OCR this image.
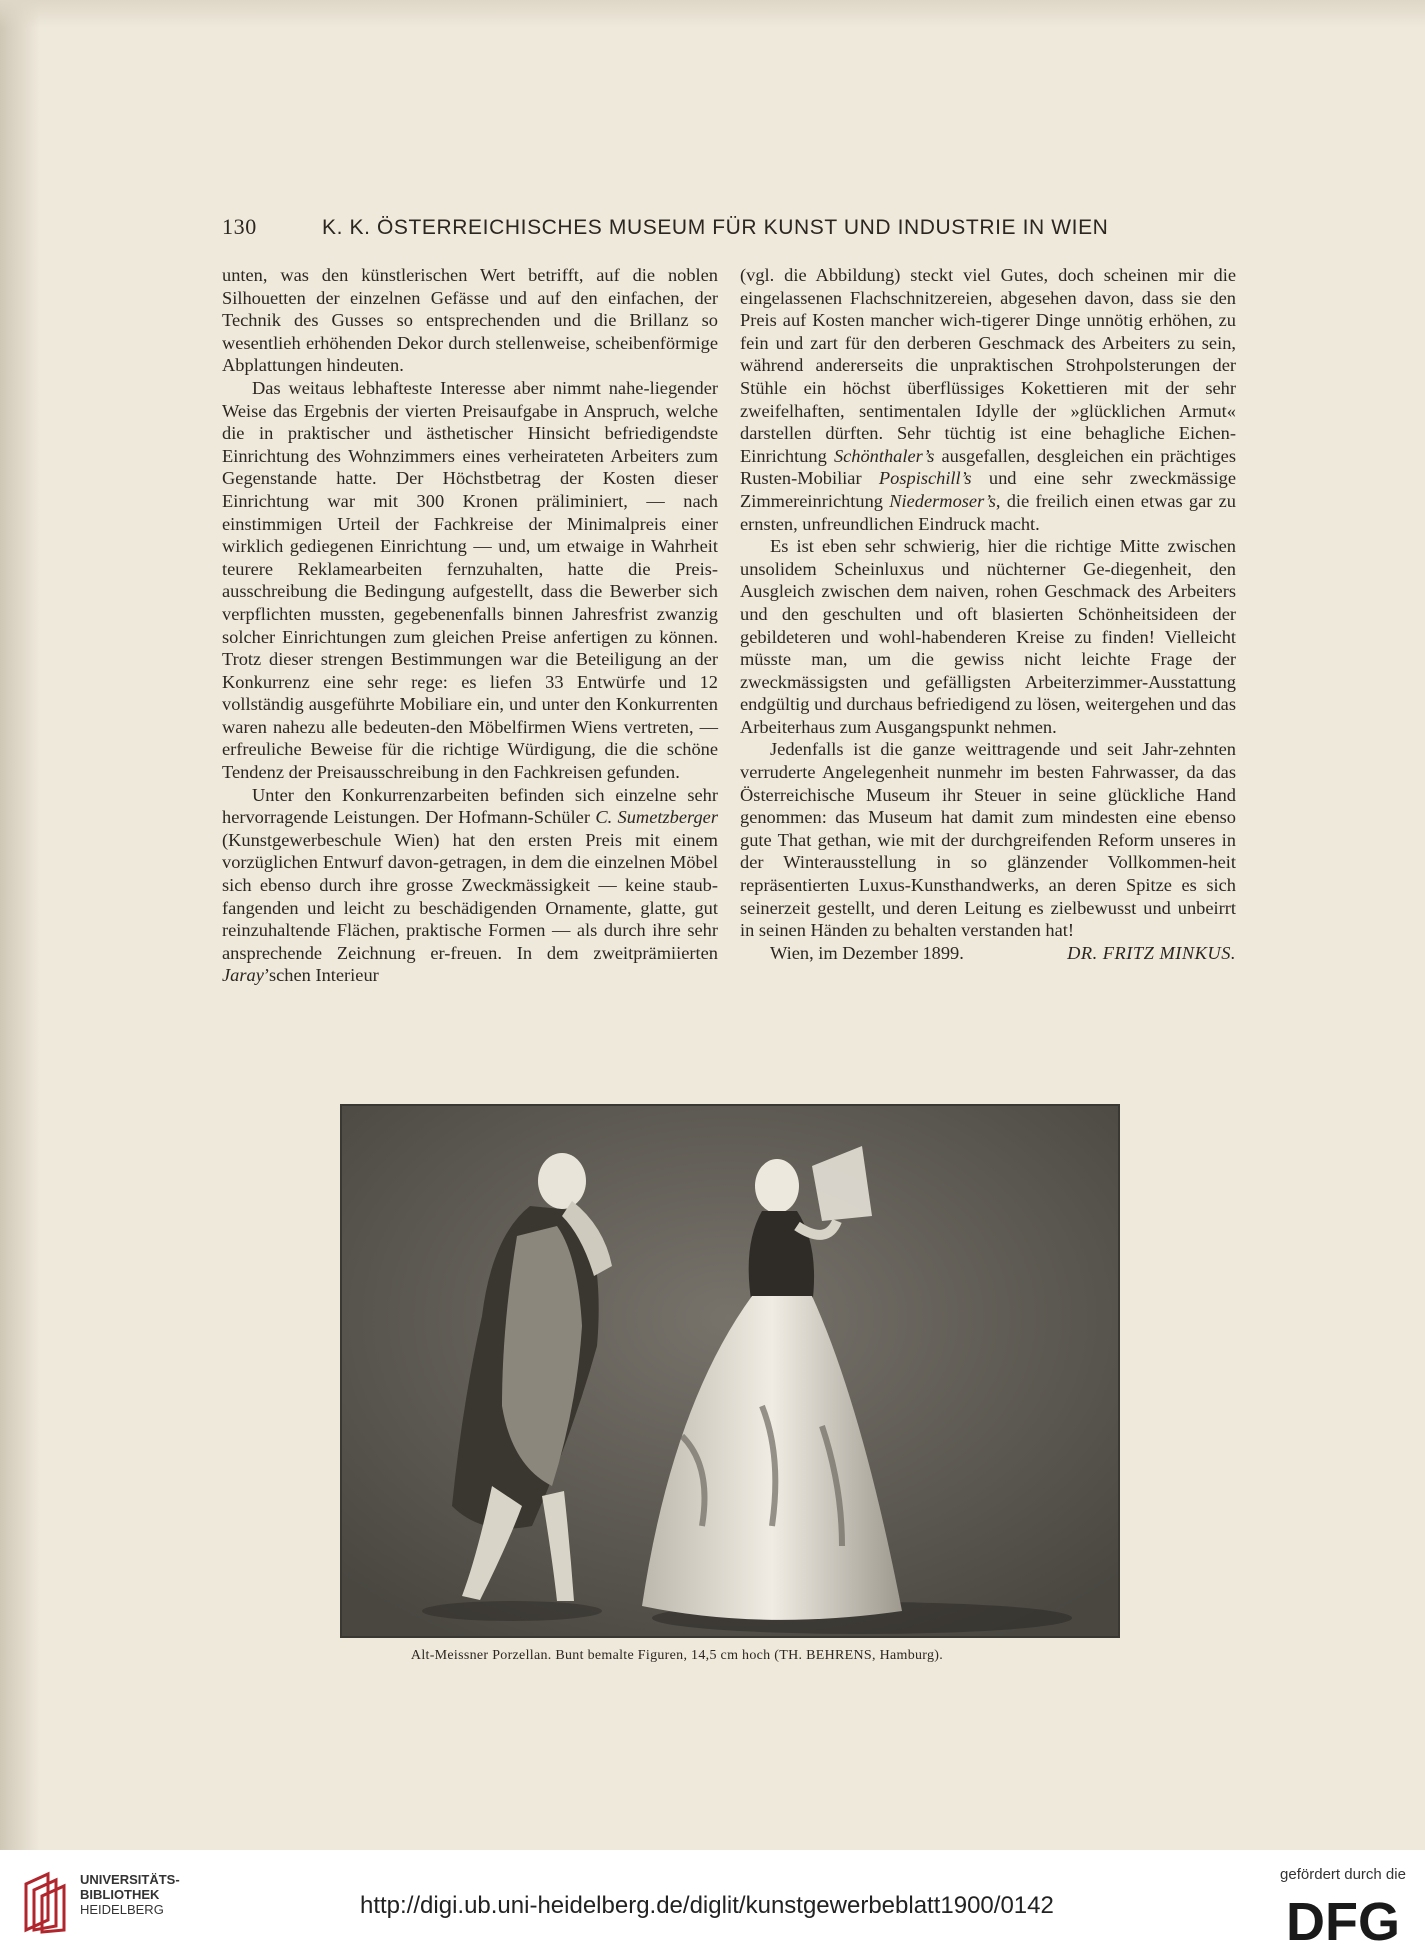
130	K. K. ÖSTERREICHISCHES MUSEUM FÜR KUNST UND INDUSTRIE IN WIEN

unten, was den künstlerischen Wert betrifft, auf die noblen Silhouetten der einzelnen Gefässe und auf den einfachen, der Technik des Gusses so entsprechenden und die Brillanz so wesentlieh erhöhenden Dekor durch stellenweise, scheibenförmige Abplattungen hindeuten.

Das weitaus lebhafteste Interesse aber nimmt nahe-liegender Weise das Ergebnis der vierten Preisaufgabe in Anspruch, welche die in praktischer und ästhetischer Hinsicht befriedigendste Einrichtung des Wohnzimmers eines verheirateten Arbeiters zum Gegenstande hatte. Der Höchstbetrag der Kosten dieser Einrichtung war mit 300 Kronen präliminiert, — nach einstimmigen Urteil der Fachkreise der Minimalpreis einer wirklich gediegenen Einrichtung — und, um etwaige in Wahrheit teurere Reklamearbeiten fernzuhalten, hatte die Preis-ausschreibung die Bedingung aufgestellt, dass die Bewerber sich verpflichten mussten, gegebenenfalls binnen Jahresfrist zwanzig solcher Einrichtungen zum gleichen Preise anfertigen zu können. Trotz dieser strengen Bestimmungen war die Beteiligung an der Konkurrenz eine sehr rege: es liefen 33 Entwürfe und 12 vollständig ausgeführte Mobiliare ein, und unter den Konkurrenten waren nahezu alle bedeuten-den Möbelfirmen Wiens vertreten, — erfreuliche Beweise für die richtige Würdigung, die die schöne Tendenz der Preisausschreibung in den Fachkreisen gefunden.

Unter den Konkurrenzarbeiten befinden sich einzelne sehr hervorragende Leistungen. Der Hofmann-Schüler C. Sumetzberger (Kunstgewerbeschule Wien) hat den ersten Preis mit einem vorzüglichen Entwurf davon-getragen, in dem die einzelnen Möbel sich ebenso durch ihre grosse Zweckmässigkeit — keine staub-fangenden und leicht zu beschädigenden Ornamente, glatte, gut reinzuhaltende Flächen, praktische Formen — als durch ihre sehr ansprechende Zeichnung er-freuen. In dem zweitprämiierten Jaray’schen Interieur

(vgl. die Abbildung) steckt viel Gutes, doch scheinen mir die eingelassenen Flachschnitzereien, abgesehen davon, dass sie den Preis auf Kosten mancher wich-tigerer Dinge unnötig erhöhen, zu fein und zart für den derberen Geschmack des Arbeiters zu sein, während andererseits die unpraktischen Strohpolsterungen der Stühle ein höchst überflüssiges Kokettieren mit der sehr zweifelhaften, sentimentalen Idylle der »glücklichen Armut« darstellen dürften. Sehr tüchtig ist eine behagliche Eichen-Einrichtung Schönthaler’s ausgefallen, desgleichen ein prächtiges Rusten-Mobiliar Pospischill’s und eine sehr zweckmässige Zimmereinrichtung Niedermoser’s, die freilich einen etwas gar zu ernsten, unfreundlichen Eindruck macht.

Es ist eben sehr schwierig, hier die richtige Mitte zwischen unsolidem Scheinluxus und nüchterner Ge-diegenheit, den Ausgleich zwischen dem naiven, rohen Geschmack des Arbeiters und den geschulten und oft blasierten Schönheitsideen der gebildeteren und wohl-habenderen Kreise zu finden! Vielleicht müsste man, um die gewiss nicht leichte Frage der zweckmässigsten und gefälligsten Arbeiterzimmer-Ausstattung endgültig und durchaus befriedigend zu lösen, weitergehen und das Arbeiterhaus zum Ausgangspunkt nehmen.

Jedenfalls ist die ganze weittragende und seit Jahr-zehnten verruderte Angelegenheit nunmehr im besten Fahrwasser, da das Österreichische Museum ihr Steuer in seine glückliche Hand genommen: das Museum hat damit zum mindesten eine ebenso gute That gethan, wie mit der durchgreifenden Reform unseres in der Winterausstellung in so glänzender Vollkommen-heit repräsentierten Luxus-Kunsthandwerks, an deren Spitze es sich seinerzeit gestellt, und deren Leitung es zielbewusst und unbeirrt in seinen Händen zu behalten verstanden hat!

Wien, im Dezember 1899.	DR. FRITZ MINKUS.
Alt-Meissner Porzellan. Bunt bemalte Figuren, 14,5 cm hoch (TH. BEHRENS, Hamburg).
UNIVERSITÄTS-
BIBLIOTHEK
HEIDELBERG	http://digi.ub.uni-heidelberg.de/diglit/kunstgewerbeblatt1900/0142
gefördert durch die
DFG
